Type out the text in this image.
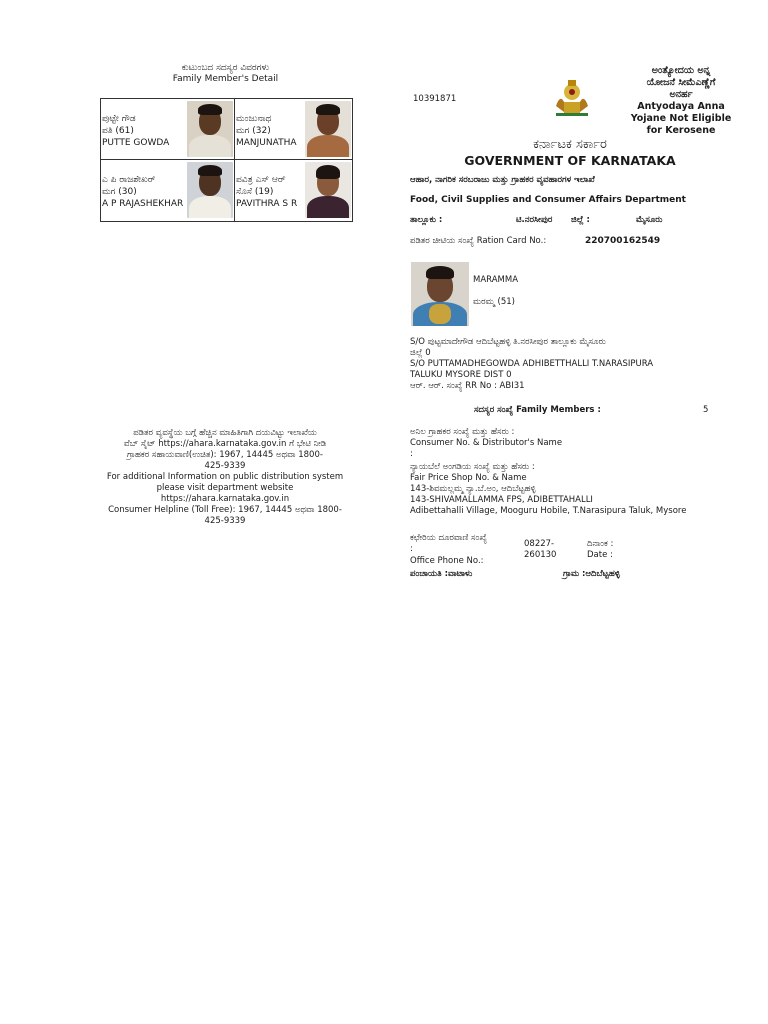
ಕುಟುಂಬದ ಸದಸ್ಯರ ವಿವರಗಳು
Family Member's Detail
ಪುಟ್ಟೇ ಗೌಡ
ಪತಿ (61)
PUTTE GOWDA
ಮಂಜುನಾಥ
ಮಗ (32)
MANJUNATHA
ಎ ಪಿ ರಾಜಶೇಖರ್
ಮಗ (30)
A P RAJASHEKHAR
ಪವಿತ್ರ ಎಸ್ ಆರ್
ಸೊಸೆ (19)
PAVITHRA S R
ಪಡಿತರ ವ್ಯವಸ್ಥೆಯ ಬಗ್ಗೆ ಹೆಚ್ಚಿನ ಮಾಹಿತಿಗಾಗಿ ದಯವಿಟ್ಟು ಇಲಾಖೆಯ
ವೆಬ್ ಸೈಟ್ https://ahara.karnataka.gov.in ಗೆ ಭೇಟಿ ನೀಡಿ
ಗ್ರಾಹಕರ ಸಹಾಯವಾಣಿ(ಉಚಿತ): 1967, 14445 ಅಥವಾ 1800-
425-9339
For additional Information on public distribution system
please visit department website
https://ahara.karnataka.gov.in
Consumer Helpline (Toll Free): 1967, 14445 ಅಥವಾ 1800-
425-9339
10391871
ಅಂತ್ಯೋದಯ ಅನ್ನ
ಯೋಜನೆ ಸೀಮೆಎಣ್ಣೆಗೆ
ಅನರ್ಹ
Antyodaya Anna
Yojane Not Eligible
for Kerosene
ಕರ್ನಾಟಕ ಸರ್ಕಾರ
GOVERNMENT OF KARNATAKA
ಆಹಾರ, ನಾಗರಿಕ ಸರಬರಾಜು ಮತ್ತು ಗ್ರಾಹಕರ ವ್ಯವಹಾರಗಳ ಇಲಾಖೆ
Food, Civil Supplies and Consumer Affairs Department
ತಾಲ್ಲೂಕು :	ಟಿ.ನರಸೀಪುರ ಜಿಲ್ಲೆ :	ಮೈಸೂರು
ಪಡಿತರ ಚೀಟಿಯ ಸಂಖ್ಯೆ Ration Card No.:	220700162549
MARAMMA
ಮರಮ್ಮ (51)
S/O ಪುಟ್ಟಮಾದೇಗೌಡ ಆದಿಬೆಟ್ಟಹಳ್ಳಿ ತಿ.ನರಸೀಪುರ ತಾಲ್ಲೂಕು ಮೈಸೂರು
ಜಿಲ್ಲೆ 0
S/O PUTTAMADHEGOWDA ADHIBETTHALLI T.NARASIPURA
TALUKU MYSORE DIST 0
ಆರ್. ಆರ್. ಸಂಖ್ಯೆ RR No : ABI31
ಸದಸ್ಯರ ಸಂಖ್ಯೆ Family Members :	5
ಅನಿಲ ಗ್ರಾಹಕರ ಸಂಖ್ಯೆ ಮತ್ತು ಹೆಸರು :
Consumer No. & Distributor's Name
:
ನ್ಯಾಯಬೆಲೆ ಅಂಗಡಿಯ ಸಂಖ್ಯೆ ಮತ್ತು ಹೆಸರು :
Fair Price Shop No. & Name
143-ಶಿವಮಲ್ಲಮ್ಮ ನ್ಯಾ.ಬೆ.ಅಂ, ಆದಿಬೆಟ್ಟಹಳ್ಳಿ
143-SHIVAMALLAMMA FPS, ADIBETTAHALLI
Adibettahalli Village, Mooguru Hobile, T.Narasipura Taluk, Mysore
ಕಛೇರಿಯ ದೂರವಾಣಿ ಸಂಖ್ಯೆ
:
Office Phone No.:
08227-
260130
ದಿನಾಂಕ :
Date :
ಪಂಚಾಯತಿ :ವಾಟಾಳು	ಗ್ರಾಮ :ಆದಿಬೆಟ್ಟಹಳ್ಳಿ
